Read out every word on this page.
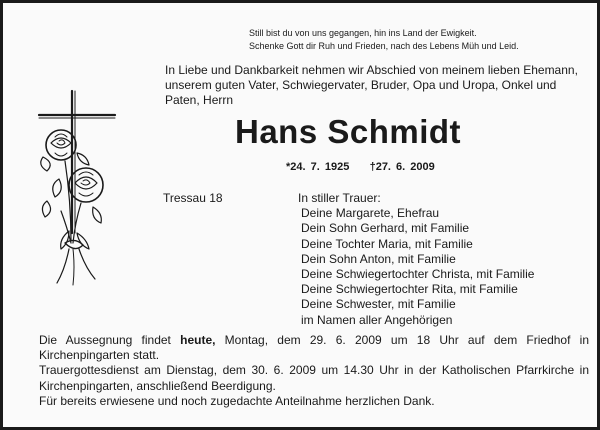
Still bist du von uns gegangen, hin ins Land der Ewigkeit.
Schenke Gott dir Ruh und Frieden, nach des Lebens Müh und Leid.
In Liebe und Dankbarkeit nehmen wir Abschied von meinem lieben Ehemann, unserem guten Vater, Schwiegervater, Bruder, Opa und Uropa, Onkel und Paten, Herrn
Hans Schmidt
*24. 7. 1925 †27. 6. 2009
Tressau 18	In stiller Trauer:
Deine Margarete, Ehefrau
Dein Sohn Gerhard, mit Familie
Deine Tochter Maria, mit Familie
Dein Sohn Anton, mit Familie
Deine Schwiegertochter Christa, mit Familie
Deine Schwiegertochter Rita, mit Familie
Deine Schwester, mit Familie
im Namen aller Angehörigen

Die Aussegnung findet heute, Montag, dem 29. 6. 2009 um 18 Uhr auf dem Friedhof in Kirchenpingarten statt.

Trauergottesdienst am Dienstag, dem 30. 6. 2009 um 14.30 Uhr in der Katholischen Pfarrkirche in Kirchenpingarten, anschließend Beerdigung.

Für bereits erwiesene und noch zugedachte Anteilnahme herzlichen Dank.
